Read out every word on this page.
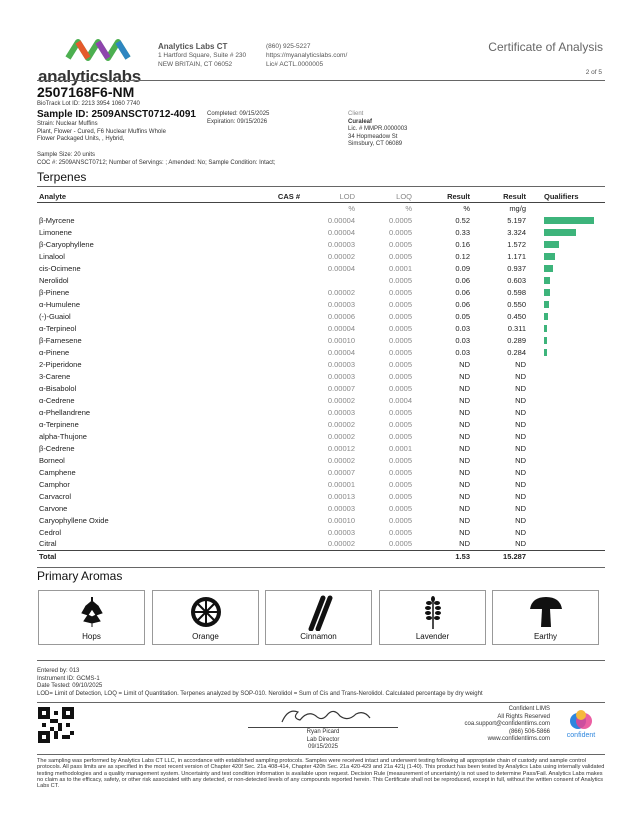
analyticslabs
Analytics Labs CT
1 Hartford Square, Suite # 230
NEW BRITAIN, CT 06052
(860) 925-5227
https://myanalyticslabs.com/
Lic# ACTL.0000005
Certificate of Analysis
2 of 5
2507168F6-NM
BioTrack Lot ID: 2213 3954 1060 7740
Sample ID: 2509ANSCT0712-4091
Strain: Nuclear Muffins
Plant, Flower - Cured, F6 Nuclear Muffins Whole
Flower Packaged Units, , Hybrid,
Completed: 09/15/2025
Expiration: 09/15/2026
Sample Size: 20 units
COC #: 2509ANSCT0712; Number of Servings: ; Amended: No; Sample Condition: Intact;
Client
Curaleaf
Lic. # MMPR.0000003
34 Hopmeadow St
Simsbury, CT 06089
Terpenes
Analyte	CAS #	LOD	LOQ	Result	Result	Qualifiers
		%	%	%	mg/g	
β-Myrcene		0.00004	0.0005	0.52	5.197	

Limonene		0.00004	0.0005	0.33	3.324	

β-Caryophyllene		0.00003	0.0005	0.16	1.572	

Linalool		0.00002	0.0005	0.12	1.171	

cis-Ocimene		0.00004	0.0001	0.09	0.937	

Nerolidol			0.0005	0.06	0.603	

β-Pinene		0.00002	0.0005	0.06	0.598	

α-Humulene		0.00003	0.0005	0.06	0.550	

(-)-Guaiol		0.00006	0.0005	0.05	0.450	

α-Terpineol		0.00004	0.0005	0.03	0.311	

β-Farnesene		0.00010	0.0005	0.03	0.289	

α-Pinene		0.00004	0.0005	0.03	0.284	

2-Piperidone		0.00003	0.0005	ND	ND	
3-Carene		0.00003	0.0005	ND	ND	
α-Bisabolol		0.00007	0.0005	ND	ND	
α-Cedrene		0.00002	0.0004	ND	ND	
α-Phellandrene		0.00003	0.0005	ND	ND	
α-Terpinene		0.00002	0.0005	ND	ND	
alpha-Thujone		0.00002	0.0005	ND	ND	
β-Cedrene		0.00012	0.0001	ND	ND	
Borneol		0.00002	0.0005	ND	ND	
Camphene		0.00007	0.0005	ND	ND	
Camphor		0.00001	0.0005	ND	ND	
Carvacrol		0.00013	0.0005	ND	ND	
Carvone		0.00003	0.0005	ND	ND	
Caryophyllene Oxide		0.00010	0.0005	ND	ND	
Cedrol		0.00003	0.0005	ND	ND	
Citral		0.00002	0.0005	ND	ND	
Total				1.53	15.287	
Primary Aromas
Hops	Orange	Cinnamon	Lavender	Earthy
Entered by: 013
Instrument ID: GCMS-1
Date Tested: 09/10/2025
LOD= Limit of Detection, LOQ = Limit of Quantitation. Terpenes analyzed by SOP-010. Nerolidol = Sum of Cis and Trans-Nerolidol. Calculated percentage by dry weight
Ryan Picard
Lab Director
09/15/2025
Confident LIMS
All Rights Reserved
coa.support@confidentlims.com
(866) 506-5866
www.confidentlims.com	confident
The sampling was performed by Analytics Labs CT LLC, in accordance with established sampling protocols. Samples were received intact and underwent testing following all appropriate chain of custody and sample control protocols. All pass limits are as specified in the most recent version of Chapter 420f Sec. 21a 408-414, Chapter 420h Sec. 21a 420-429 and 21a 421j (1-40). This product has been tested by Analytics Labs using internally validated testing methodologies and a quality management system. Uncertainty and test condition information is available upon request. Decision Rule (measurement of uncertainty) is not used to determine Pass/Fail. Analytics Labs makes no claim as to the efficacy, safety, or other risk associated with any detected, or non-detected levels of any compounds reported herein. This Certificate shall not be reproduced, except in full, without the written consent of Analytics Labs CT.
